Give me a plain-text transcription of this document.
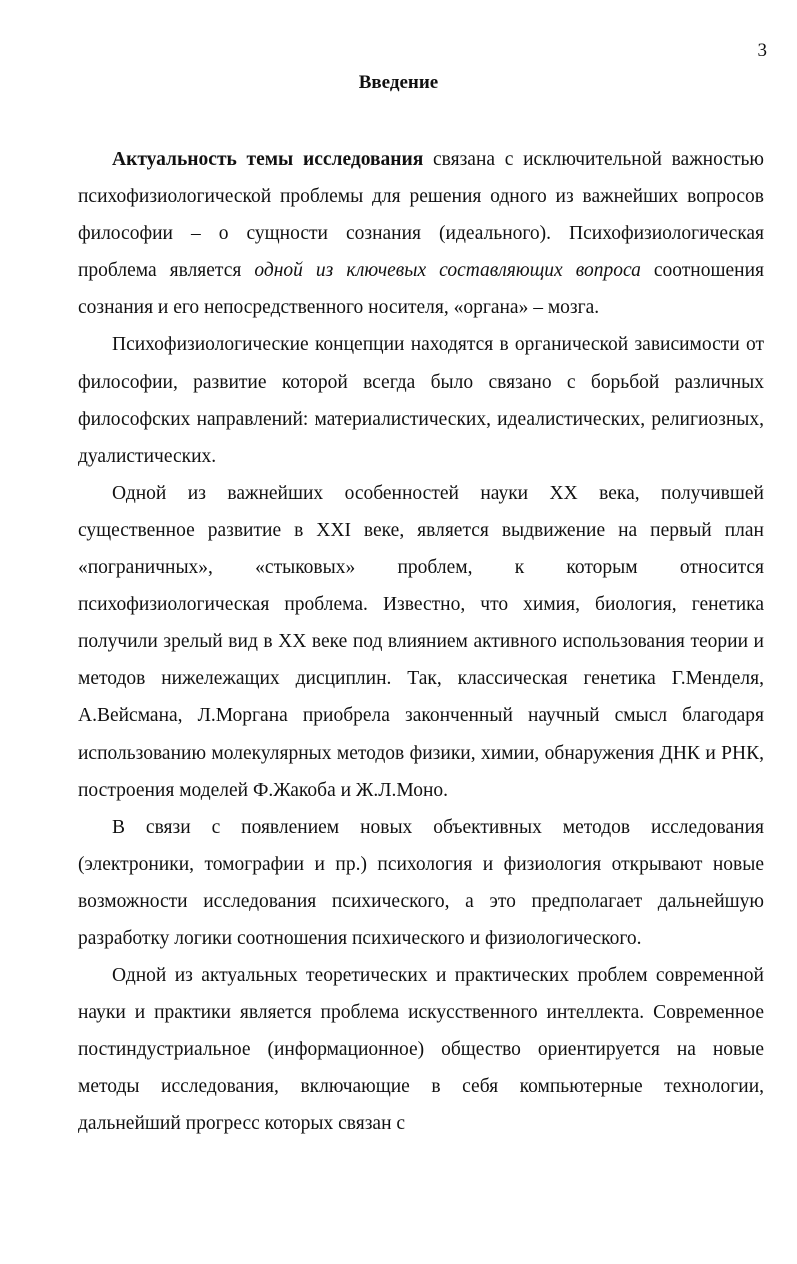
3
Введение

Актуальность темы исследования связана с исключительной важностью психофизиологической проблемы для решения одного из важнейших вопросов философии – о сущности сознания (идеального). Психофизиологическая проблема является одной из ключевых составляющих вопроса соотношения сознания и его непосредственного носителя, «органа» – мозга.

Психофизиологические концепции находятся в органической зависимости от философии, развитие которой всегда было связано с борьбой различных философских направлений: материалистических, идеалистических, религиозных, дуалистических.

Одной из важнейших особенностей науки XX века, получившей существенное развитие в XXI веке, является выдвижение на первый план «пограничных», «стыковых» проблем, к которым относится психофизиологическая проблема. Известно, что химия, биология, генетика получили зрелый вид в XX веке под влиянием активного использования теории и методов нижележащих дисциплин. Так, классическая генетика Г.Менделя, А.Вейсмана, Л.Моргана приобрела законченный научный смысл благодаря использованию молекулярных методов физики, химии, обнаружения ДНК и РНК, построения моделей Ф.Жакоба и Ж.Л.Моно.

В связи с появлением новых объективных методов исследования (электроники, томографии и пр.) психология и физиология открывают новые возможности исследования психического, а это предполагает дальнейшую разработку логики соотношения психического и физиологического.

Одной из актуальных теоретических и практических проблем современной науки и практики является проблема искусственного интеллекта. Современное постиндустриальное (информационное) общество ориентируется на новые методы исследования, включающие в себя компьютерные технологии, дальнейший прогресс которых связан с
